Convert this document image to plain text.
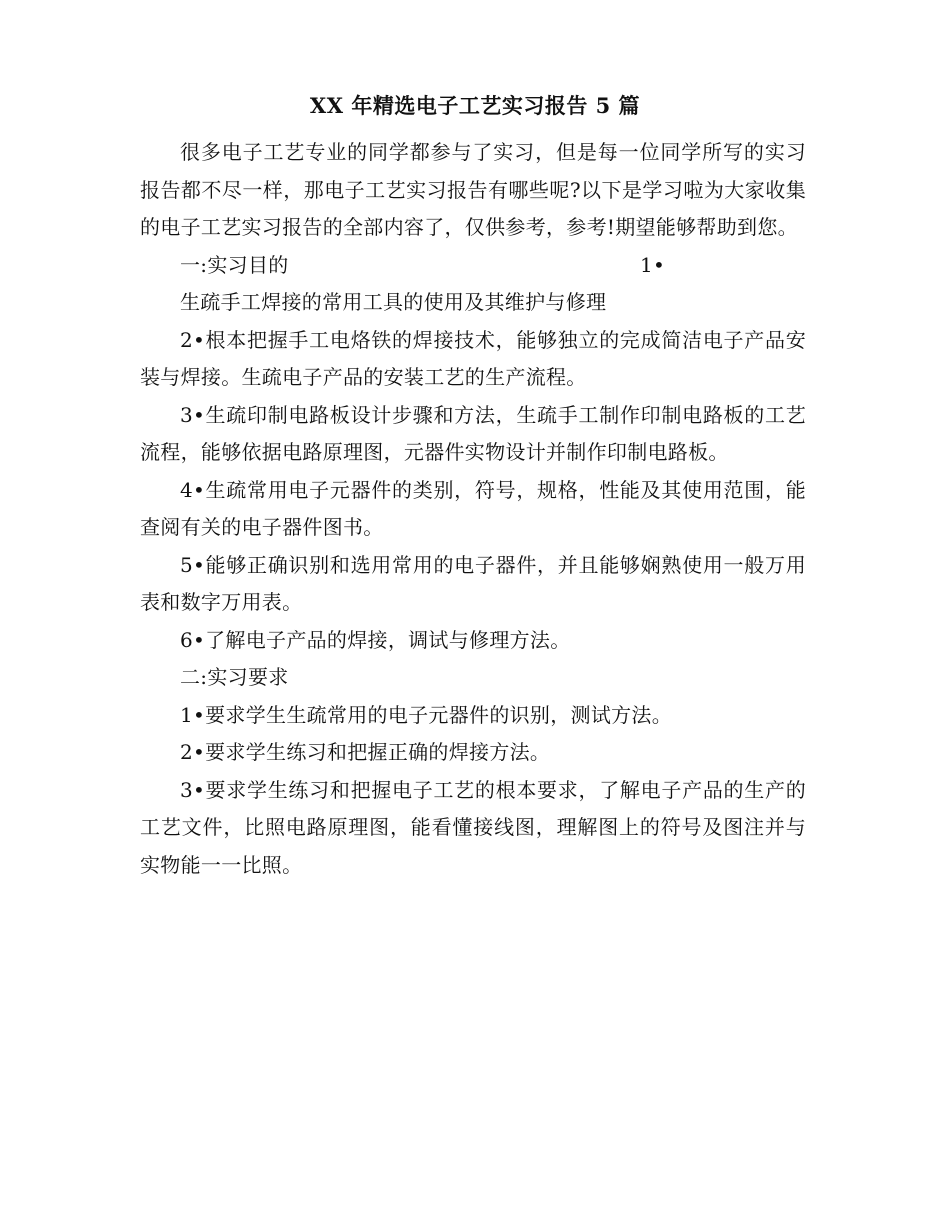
XX 年精选电子工艺实习报告 5 篇

很多电子工艺专业的同学都参与了实习，但是每一位同学所写的实习报告都不尽一样，那电子工艺实习报告有哪些呢?以下是学习啦为大家收集的电子工艺实习报告的全部内容了，仅供参考，参考!期望能够帮助到您。

一:实习目的	1•

生疏手工焊接的常用工具的使用及其维护与修理

2•根本把握手工电烙铁的焊接技术，能够独立的完成简洁电子产品安装与焊接。生疏电子产品的安装工艺的生产流程。

3•生疏印制电路板设计步骤和方法，生疏手工制作印制电路板的工艺流程，能够依据电路原理图，元器件实物设计并制作印制电路板。

4•生疏常用电子元器件的类别，符号，规格，性能及其使用范围，能查阅有关的电子器件图书。

5•能够正确识别和选用常用的电子器件，并且能够娴熟使用一般万用表和数字万用表。

6•了解电子产品的焊接，调试与修理方法。

二:实习要求

1•要求学生生疏常用的电子元器件的识别，测试方法。

2•要求学生练习和把握正确的焊接方法。

3•要求学生练习和把握电子工艺的根本要求，了解电子产品的生产的工艺文件，比照电路原理图，能看懂接线图，理解图上的符号及图注并与实物能一一比照。
